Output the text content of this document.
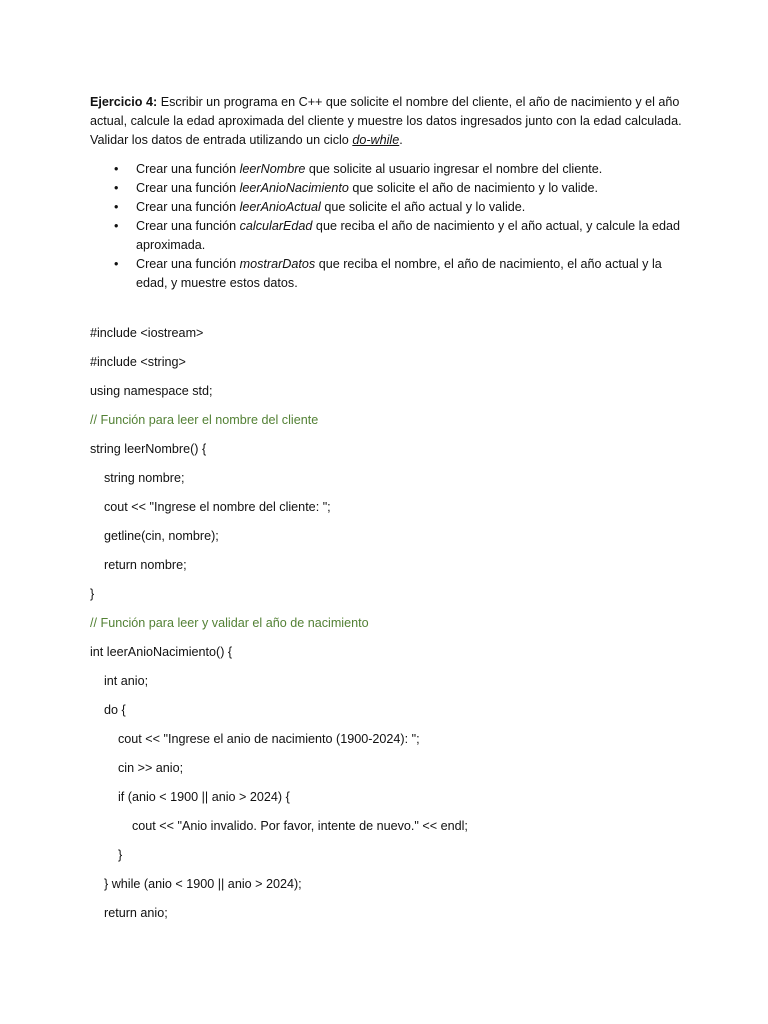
Ejercicio 4: Escribir un programa en C++ que solicite el nombre del cliente, el año de nacimiento y el año actual, calcule la edad aproximada del cliente y muestre los datos ingresados junto con la edad calculada. Validar los datos de entrada utilizando un ciclo do-while.
• Crear una función leerNombre que solicite al usuario ingresar el nombre del cliente.
• Crear una función leerAnioNacimiento que solicite el año de nacimiento y lo valide.
• Crear una función leerAnioActual que solicite el año actual y lo valide.
• Crear una función calcularEdad que reciba el año de nacimiento y el año actual, y calcule la edad aproximada.
• Crear una función mostrarDatos que reciba el nombre, el año de nacimiento, el año actual y la edad, y muestre estos datos.
#include <iostream>
#include <string>
using namespace std;
// Función para leer el nombre del cliente
string leerNombre() {
string nombre;
cout << "Ingrese el nombre del cliente: ";
getline(cin, nombre);
return nombre;
}
// Función para leer y validar el año de nacimiento
int leerAnioNacimiento() {
int anio;
do {
cout << "Ingrese el anio de nacimiento (1900-2024): ";
cin >> anio;
if (anio < 1900 || anio > 2024) {
cout << "Anio invalido. Por favor, intente de nuevo." << endl;
}
} while (anio < 1900 || anio > 2024);
return anio;
